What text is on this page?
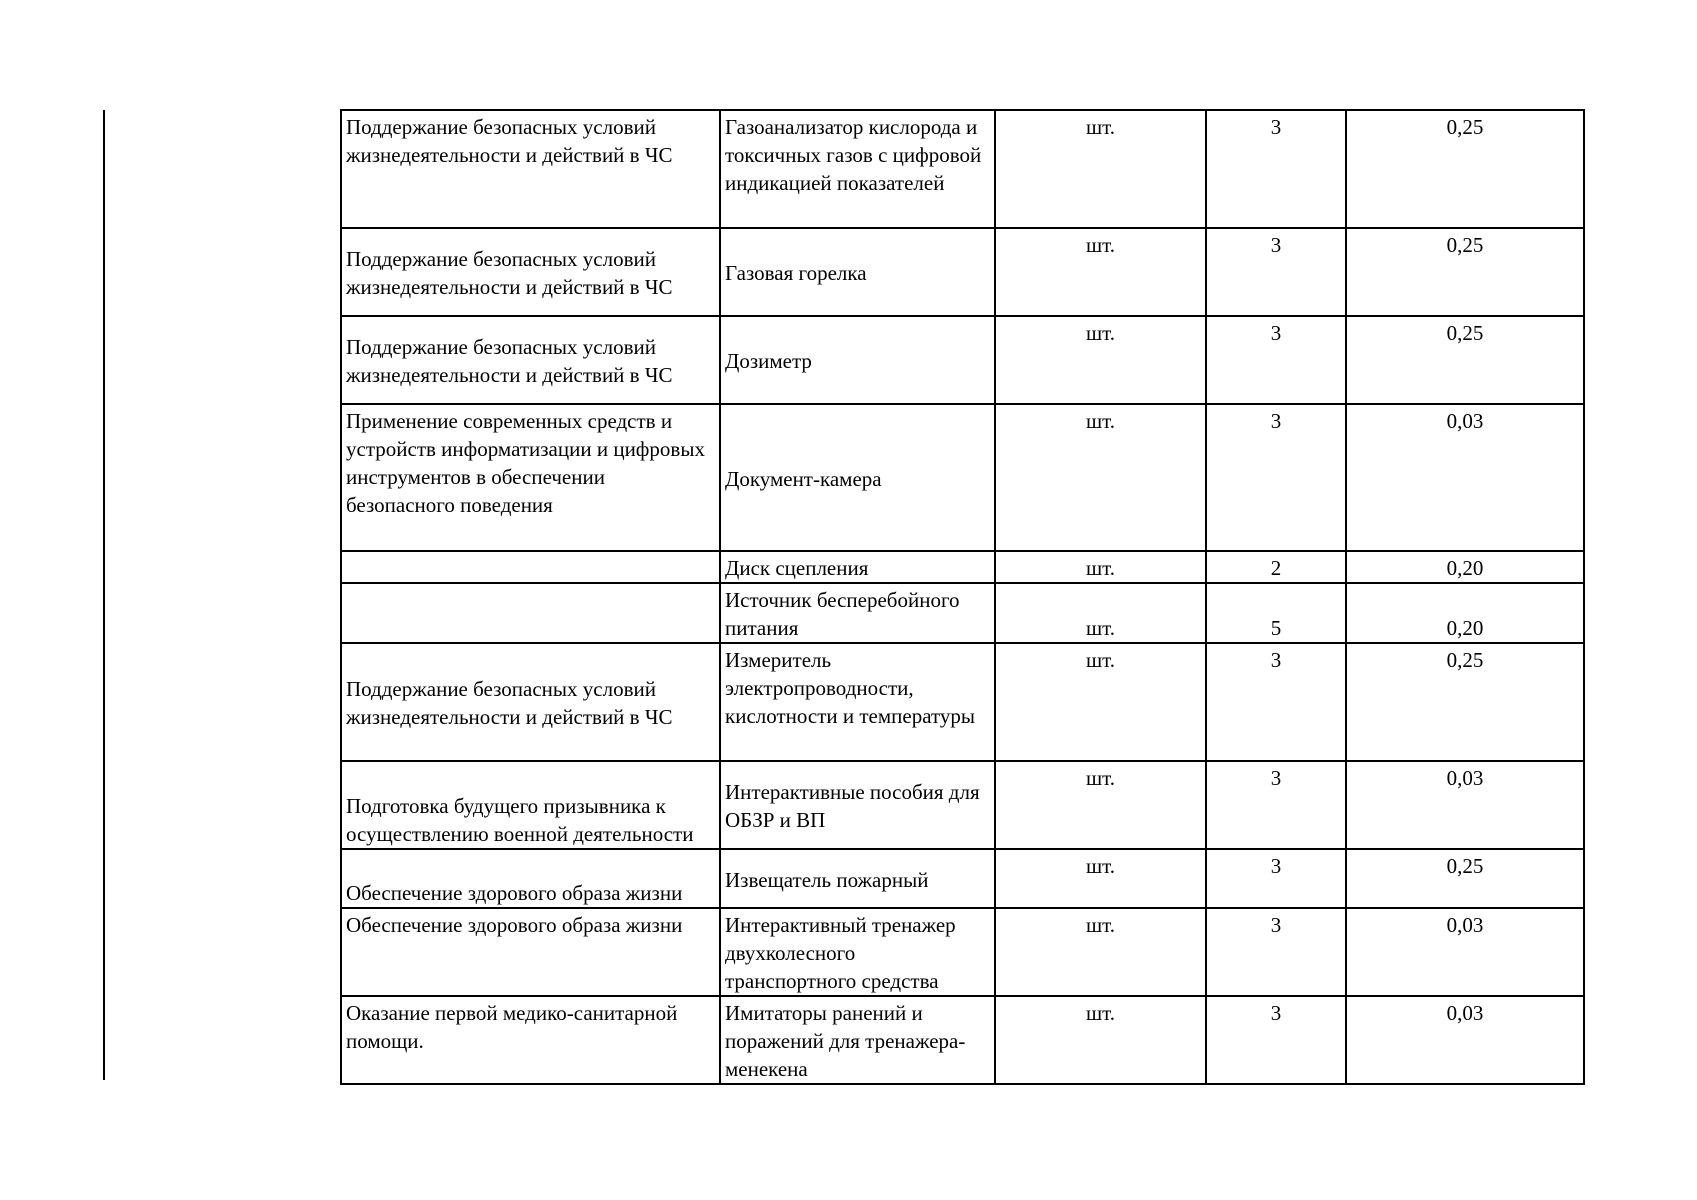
Поддержание безопасных условий жизнедеятельности и действий в ЧС	Газоанализатор кислорода и токсичных газов с цифровой индикацией показателей	шт.	3	0,25
Поддержание безопасных условий жизнедеятельности и действий в ЧС	Газовая горелка	шт.	3	0,25
Поддержание безопасных условий жизнедеятельности и действий в ЧС	Дозиметр	шт.	3	0,25
Применение современных средств и устройств информатизации и цифровых инструментов в обеспечении безопасного поведения	Документ-камера	шт.	3	0,03
	Диск сцепления	шт.	2	0,20
	Источник бесперебойного питания	шт.	5	0,20
Поддержание безопасных условий жизнедеятельности и действий в ЧС	Измеритель электропроводности, кислотности и температуры	шт.	3	0,25
Подготовка будущего призывника к осуществлению военной деятельности	Интерактивные пособия для ОБЗР и ВП	шт.	3	0,03
Обеспечение здорового образа жизни	Извещатель пожарный	шт.	3	0,25
Обеспечение здорового образа жизни	Интерактивный тренажер двухколесного транспортного средства	шт.	3	0,03
Оказание первой медико-санитарной помощи.	Имитаторы ранений и поражений для тренажера-менекена	шт.	3	0,03
